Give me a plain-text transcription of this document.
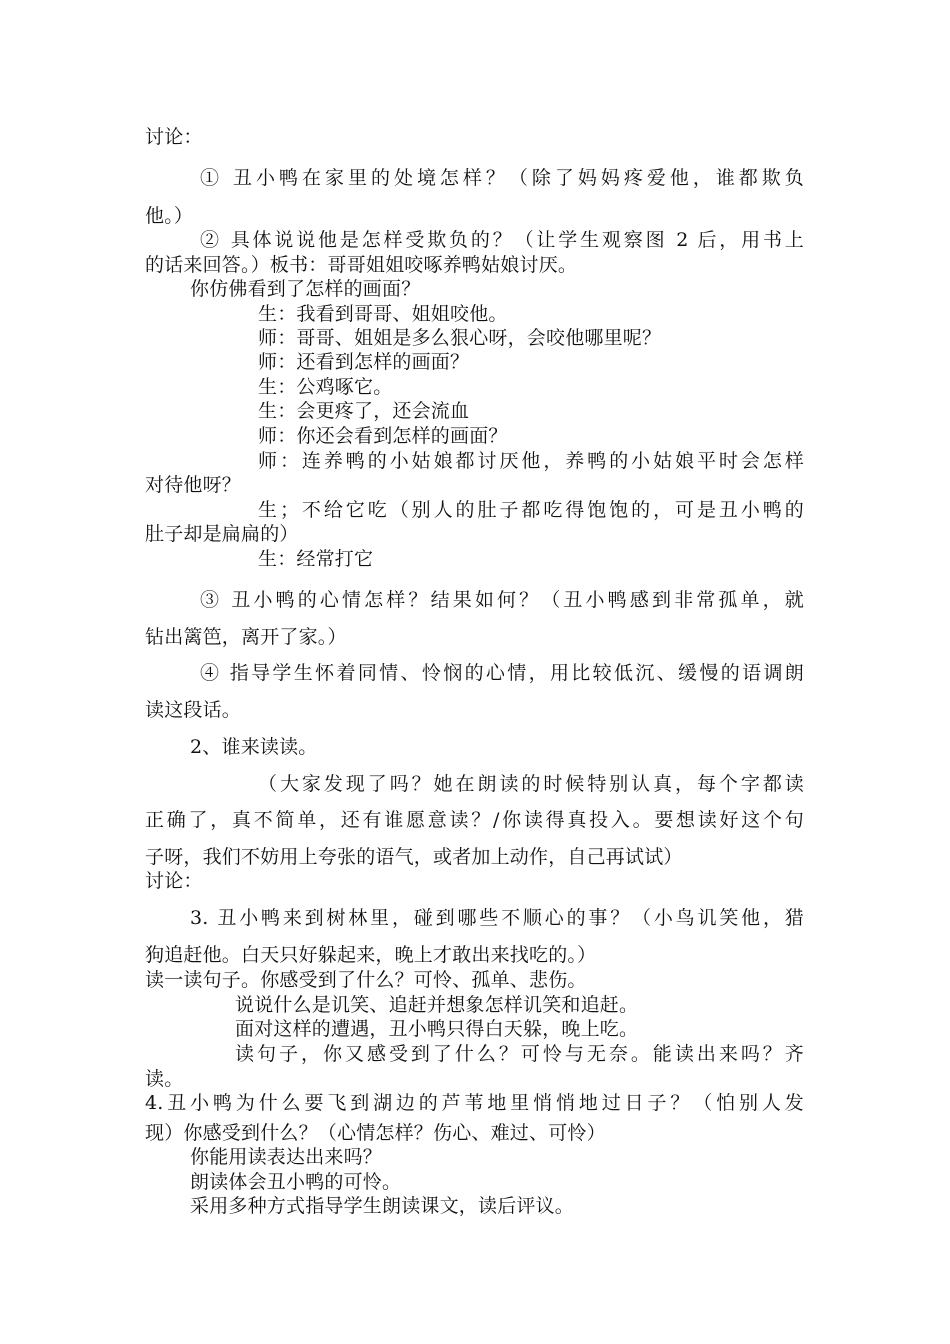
讨论：

① 丑小鸭在家里的处境怎样？（除了妈妈疼爱他，谁都欺负

他。）

② 具体说说他是怎样受欺负的？（让学生观察图 2 后，用书上

的话来回答。）板书：哥哥姐姐咬啄养鸭姑娘讨厌。

你仿佛看到了怎样的画面？

生：我看到哥哥、姐姐咬他。

师：哥哥、姐姐是多么狠心呀，会咬他哪里呢？

师：还看到怎样的画面？

生：公鸡啄它。

生：会更疼了，还会流血

师：你还会看到怎样的画面？

师：连养鸭的小姑娘都讨厌他，养鸭的小姑娘平时会怎样

对待他呀？

生；不给它吃（别人的肚子都吃得饱饱的，可是丑小鸭的

肚子却是扁扁的）

生：经常打它

③ 丑小鸭的心情怎样？结果如何？（丑小鸭感到非常孤单，就

钻出篱笆，离开了家。）

④ 指导学生怀着同情、怜悯的心情，用比较低沉、缓慢的语调朗

读这段话。

2、谁来读读。

（大家发现了吗？她在朗读的时候特别认真，每个字都读

正确了，真不简单，还有谁愿意读？/你读得真投入。要想读好这个句

子呀，我们不妨用上夸张的语气，或者加上动作，自己再试试）

讨论：

3. 丑小鸭来到树林里，碰到哪些不顺心的事？（小鸟讥笑他，猎

狗追赶他。白天只好躲起来，晚上才敢出来找吃的。）

读一读句子。你感受到了什么？可怜、孤单、悲伤。

说说什么是讥笑、追赶并想象怎样讥笑和追赶。

面对这样的遭遇，丑小鸭只得白天躲，晚上吃。

读句子，你又感受到了什么？可怜与无奈。能读出来吗？齐

读。

4.丑小鸭为什么要飞到湖边的芦苇地里悄悄地过日子？（怕别人发

现）你感受到什么？（心情怎样？伤心、难过、可怜）

你能用读表达出来吗？

朗读体会丑小鸭的可怜。

采用多种方式指导学生朗读课文，读后评议。
